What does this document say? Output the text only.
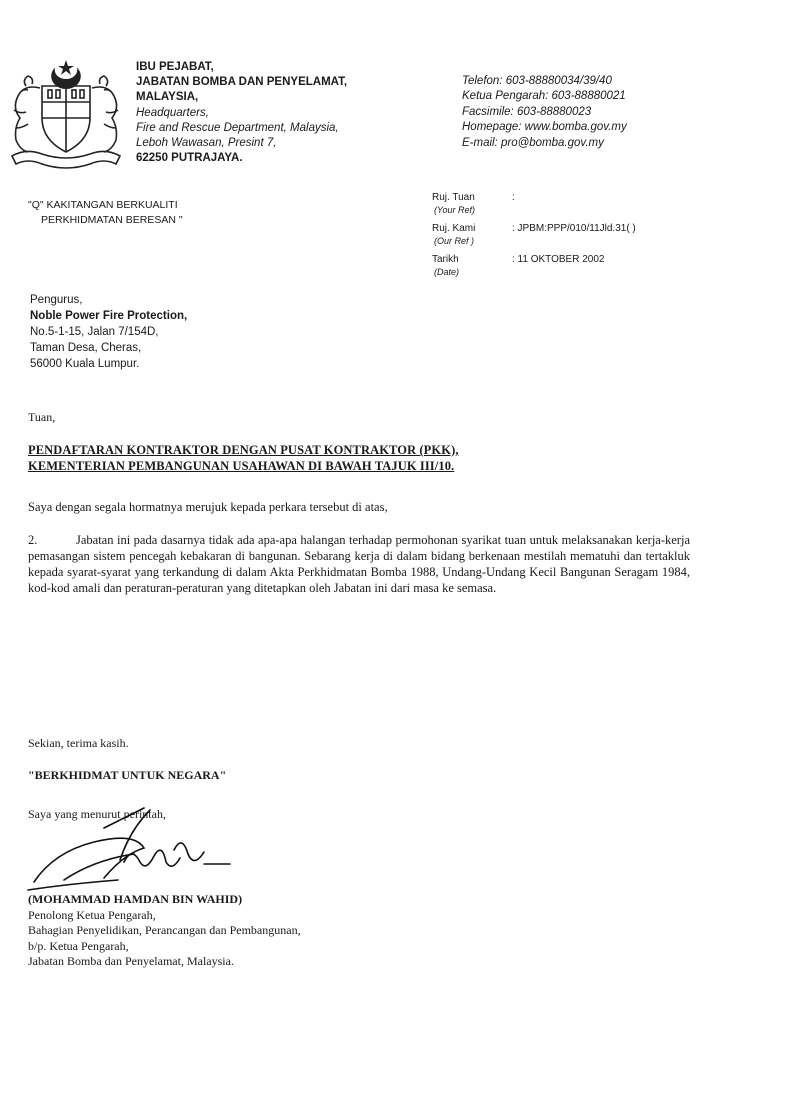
IBU PEJABAT,
JABATAN BOMBA DAN PENYELAMAT,
MALAYSIA,
Headquarters,
Fire and Rescue Department, Malaysia,
Leboh Wawasan, Presint 7,
62250 PUTRAJAYA.
Telefon: 603-88880034/39/40
Ketua Pengarah: 603-88880021
Facsimile: 603-88880023
Homepage: www.bomba.gov.my
E-mail: pro@bomba.gov.my
"Q" KAKITANGAN BERKUALITI
PERKHIDMATAN BERESAN "
Ruj. Tuan
(Your Ref)
:
Ruj. Kami
(Our Ref )
: JPBM:PPP/010/11Jld.31( )
Tarikh
(Date)
: 11 OKTOBER 2002
Pengurus,
Noble Power Fire Protection,
No.5-1-15, Jalan 7/154D,
Taman Desa, Cheras,
56000 Kuala Lumpur.
Tuan,
PENDAFTARAN KONTRAKTOR DENGAN PUSAT KONTRAKTOR (PKK),
KEMENTERIAN PEMBANGUNAN USAHAWAN DI BAWAH TAJUK III/10.
Saya dengan segala hormatnya merujuk kepada perkara tersebut di atas,
2.	Jabatan ini pada dasarnya tidak ada apa-apa halangan terhadap permohonan syarikat tuan untuk melaksanakan kerja-kerja pemasangan sistem pencegah kebakaran di bangunan. Sebarang kerja di dalam bidang berkenaan mestilah mematuhi dan tertakluk kepada syarat-syarat yang terkandung di dalam Akta Perkhidmatan Bomba 1988, Undang-Undang Kecil Bangunan Seragam 1984, kod-kod amali dan peraturan-peraturan yang ditetapkan oleh Jabatan ini dari masa ke semasa.
Sekian, terima kasih.
"BERKHIDMAT UNTUK NEGARA"
Saya yang menurut perintah,
(MOHAMMAD HAMDAN BIN WAHID)
Penolong Ketua Pengarah,
Bahagian Penyelidikan, Perancangan dan Pembangunan,
b/p. Ketua Pengarah,
Jabatan Bomba dan Penyelamat, Malaysia.
